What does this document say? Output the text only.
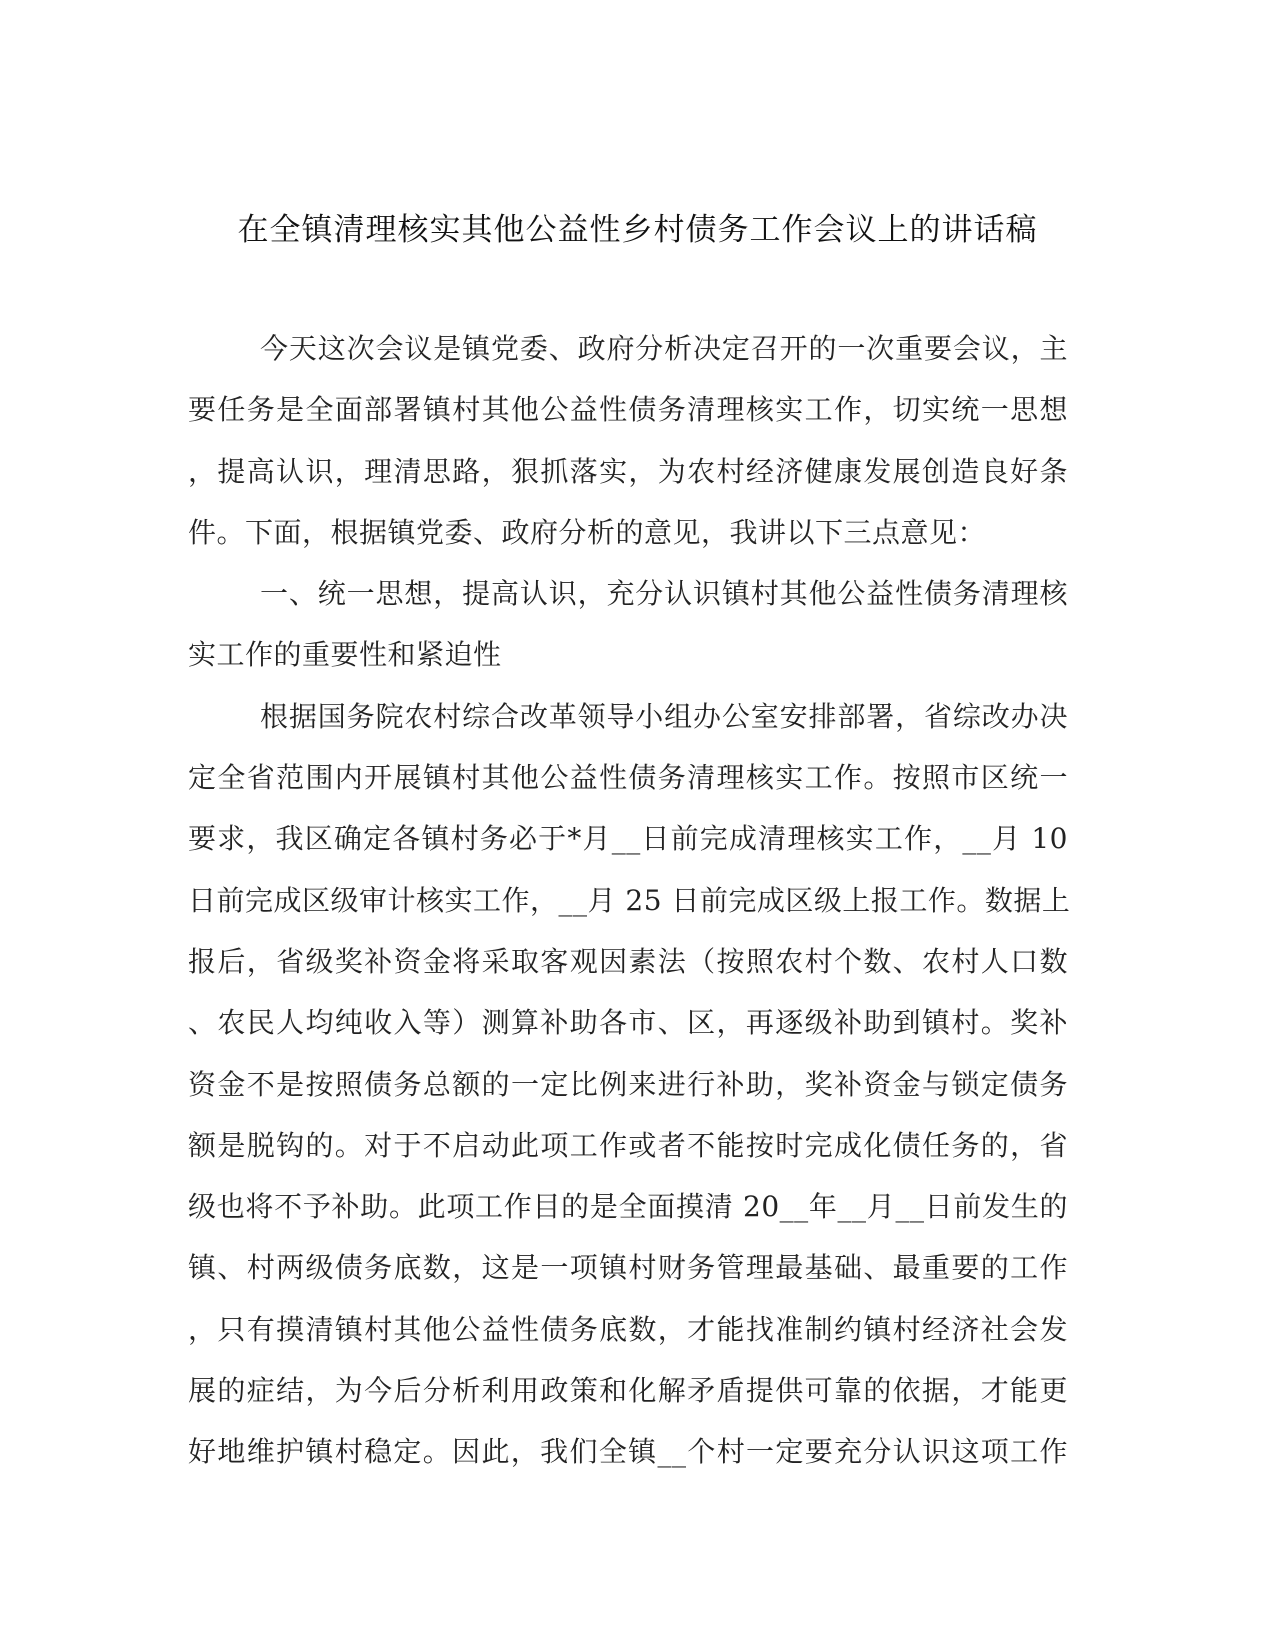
在全镇清理核实其他公益性乡村债务工作会议上的讲话稿
今天这次会议是镇党委、政府分析决定召开的一次重要会议，主
要任务是全面部署镇村其他公益性债务清理核实工作，切实统一思想
，提高认识，理清思路，狠抓落实，为农村经济健康发展创造良好条
件。下面，根据镇党委、政府分析的意见，我讲以下三点意见：
一、统一思想，提高认识，充分认识镇村其他公益性债务清理核
实工作的重要性和紧迫性
根据国务院农村综合改革领导小组办公室安排部署，省综改办决
定全省范围内开展镇村其他公益性债务清理核实工作。按照市区统一
要求，我区确定各镇村务必于*月__日前完成清理核实工作，__月 10
日前完成区级审计核实工作，__月 25 日前完成区级上报工作。数据上
报后，省级奖补资金将采取客观因素法（按照农村个数、农村人口数
、农民人均纯收入等）测算补助各市、区，再逐级补助到镇村。奖补
资金不是按照债务总额的一定比例来进行补助，奖补资金与锁定债务
额是脱钩的。对于不启动此项工作或者不能按时完成化债任务的，省
级也将不予补助。此项工作目的是全面摸清 20__年__月__日前发生的
镇、村两级债务底数，这是一项镇村财务管理最基础、最重要的工作
，只有摸清镇村其他公益性债务底数，才能找准制约镇村经济社会发
展的症结，为今后分析利用政策和化解矛盾提供可靠的依据，才能更
好地维护镇村稳定。因此，我们全镇__个村一定要充分认识这项工作
